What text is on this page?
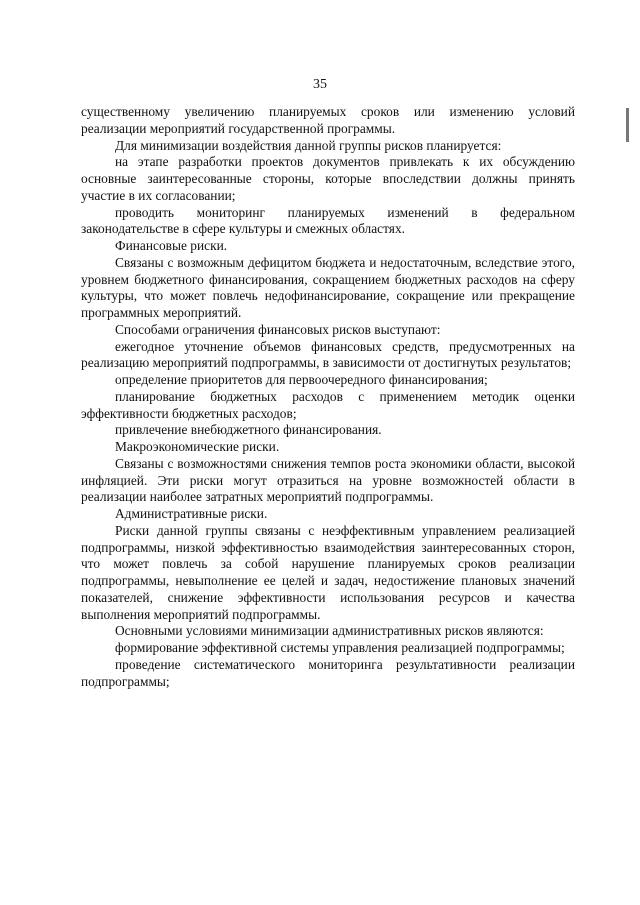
35

существенному увеличению планируемых сроков или изменению условий реализации мероприятий государственной программы.

Для минимизации воздействия данной группы рисков планируется:

на этапе разработки проектов документов привлекать к их обсуждению основные заинтересованные стороны, которые впоследствии должны принять участие в их согласовании;

проводить мониторинг планируемых изменений в федеральном законодательстве в сфере культуры и смежных областях.

Финансовые риски.

Связаны с возможным дефицитом бюджета и недостаточным, вследствие этого, уровнем бюджетного финансирования, сокращением бюджетных расходов на сферу культуры, что может повлечь недофинансирование, сокращение или прекращение программных мероприятий.

Способами ограничения финансовых рисков выступают:

ежегодное уточнение объемов финансовых средств, предусмотренных на реализацию мероприятий подпрограммы, в зависимости от достигнутых результатов;

определение приоритетов для первоочередного финансирования;

планирование бюджетных расходов с применением методик оценки эффективности бюджетных расходов;

привлечение внебюджетного финансирования.

Макроэкономические риски.

Связаны с возможностями снижения темпов роста экономики области, высокой инфляцией. Эти риски могут отразиться на уровне возможностей области в реализации наиболее затратных мероприятий подпрограммы.

Административные риски.

Риски данной группы связаны с неэффективным управлением реализацией подпрограммы, низкой эффективностью взаимодействия заинтересованных сторон, что может повлечь за собой нарушение планируемых сроков реализации подпрограммы, невыполнение ее целей и задач, недостижение плановых значений показателей, снижение эффективности использования ресурсов и качества выполнения мероприятий подпрограммы.

Основными условиями минимизации административных рисков являются:

формирование эффективной системы управления реализацией подпрограммы;

проведение систематического мониторинга результативности реализации подпрограммы;
